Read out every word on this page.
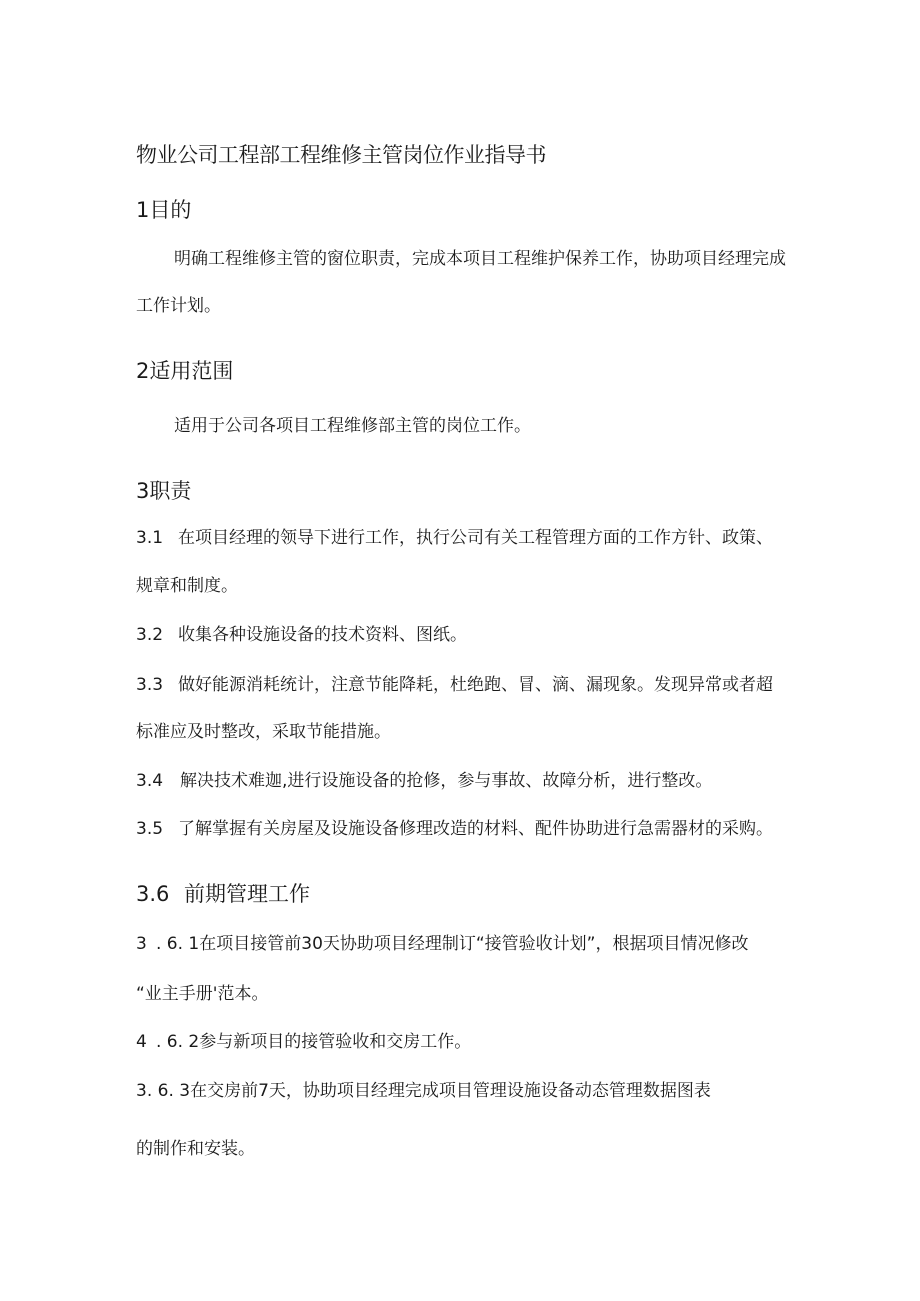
物业公司工程部工程维修主管岗位作业指导书
1目的
明确工程维修主管的窗位职责，完成本项目工程维护保养工作，协助项目经理完成
工作计划。
2适用范围
适用于公司各项目工程维修部主管的岗位工作。
3职责
3.1 在项目经理的领导下进行工作，执行公司有关工程管理方面的工作方针、政策、
规章和制度。
3.2 收集各种设施设备的技术资料、图纸。
3.3 做好能源消耗统计，注意节能降耗，杜绝跑、冒、滴、漏现象。发现异常或者超
标准应及时整改，采取节能措施。
3.4 解决技术难迦,进行设施设备的抢修，参与事故、故障分析，进行整改。
3.5 了解掌握有关房屋及设施设备修理改造的材料、配件协助进行急需器材的采购。
3.6 前期管理工作
3 . 6. 1在项目接管前30天协助项目经理制订“接管验收计划”，根据项目情况修改
“业主手册'范本。
4 . 6. 2参与新项目的接管验收和交房工作。
3. 6. 3在交房前7天，协助项目经理完成项目管理设施设备动态管理数据图表
的制作和安装。
